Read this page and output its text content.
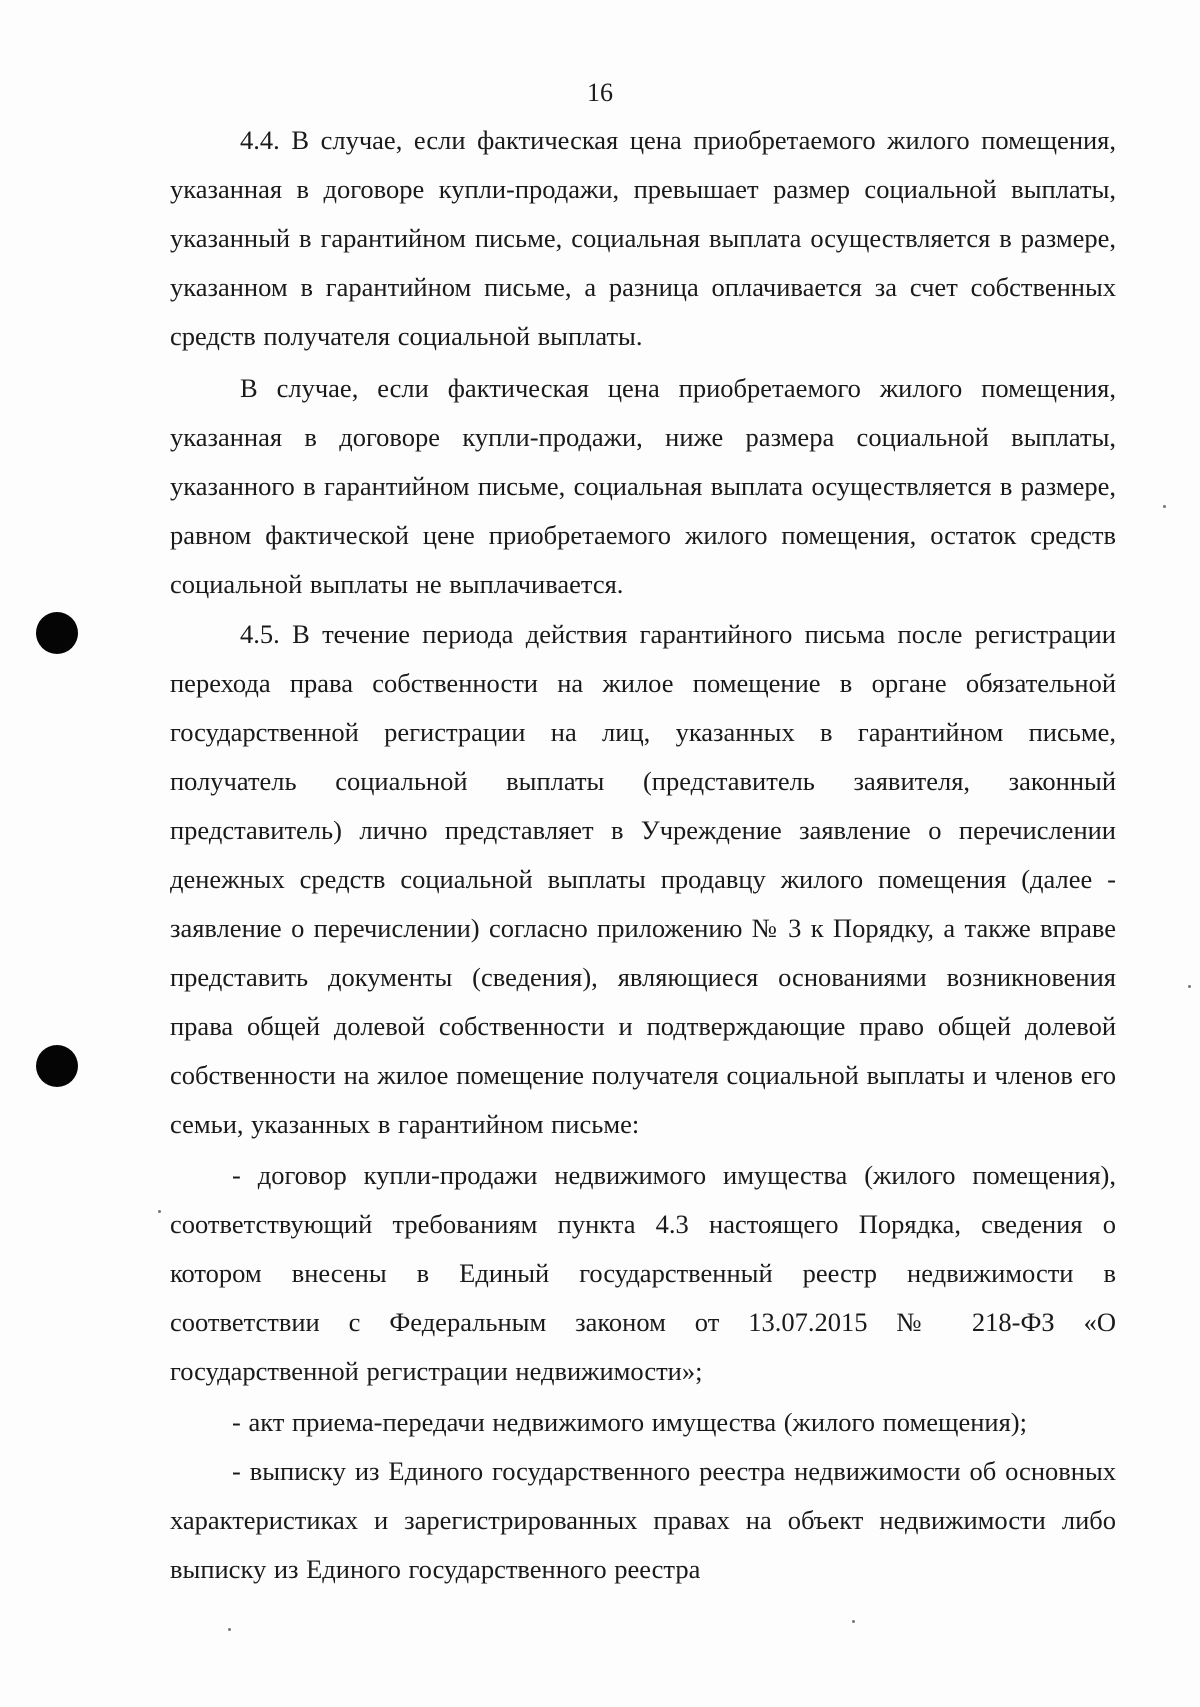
16

4.4. В случае, если фактическая цена приобретаемого жилого помещения, указанная в договоре купли-продажи, превышает размер социальной выплаты, указанный в гарантийном письме, социальная выплата осуществляется в размере, указанном в гарантийном письме, а разница оплачивается за счет собственных средств получателя социальной выплаты.

В случае, если фактическая цена приобретаемого жилого помещения, указанная в договоре купли-продажи, ниже размера социальной выплаты, указанного в гарантийном письме, социальная выплата осуществляется в размере, равном фактической цене приобретаемого жилого помещения, остаток средств социальной выплаты не выплачивается.

4.5. В течение периода действия гарантийного письма после регистрации перехода права собственности на жилое помещение в органе обязательной государственной регистрации на лиц, указанных в гарантийном письме, получатель социальной выплаты (представитель заявителя, законный представитель) лично представляет в Учреждение заявление о перечислении денежных средств социальной выплаты продавцу жилого помещения (далее - заявление о перечислении) согласно приложению № 3 к Порядку, а также вправе представить документы (сведения), являющиеся основаниями возникновения права общей долевой собственности и подтверждающие право общей долевой собственности на жилое помещение получателя социальной выплаты и членов его семьи, указанных в гарантийном письме:

- договор купли-продажи недвижимого имущества (жилого помещения), соответствующий требованиям пункта 4.3 настоящего Порядка, сведения о котором внесены в Единый государственный реестр недвижимости в соответствии с Федеральным законом от 13.07.2015 № 218-ФЗ «О государственной регистрации недвижимости»;

- акт приема-передачи недвижимого имущества (жилого помещения);

- выписку из Единого государственного реестра недвижимости об основных характеристиках и зарегистрированных правах на объект недвижимости либо выписку из Единого государственного реестра
